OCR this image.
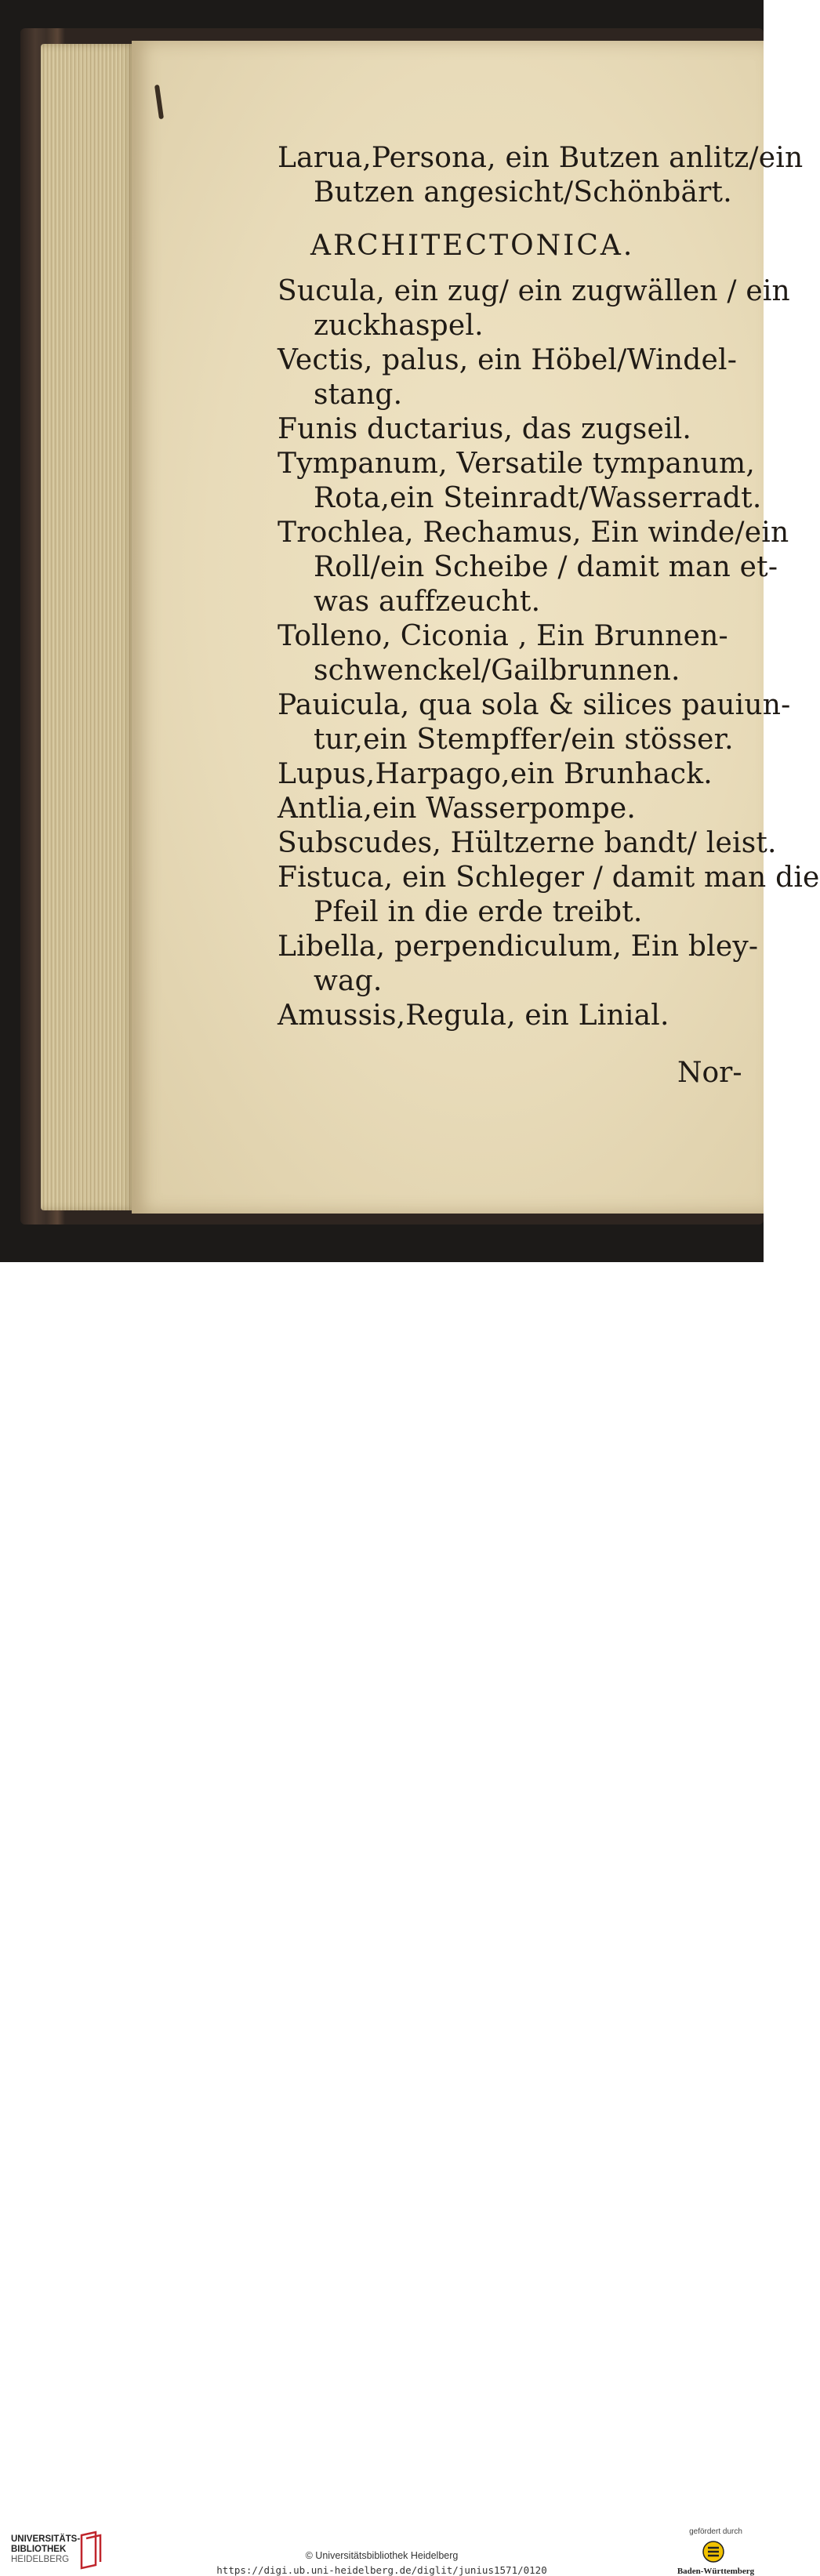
Larua,Persona, ein Butzen anlitz/ein
Butzen angesicht/Schönbärt.
ARCHITECTONICA.
Sucula, ein zug/ ein zugwällen / ein
zuckhaspel.
Vectis, palus, ein Höbel/Windel-
stang.
Funis ductarius, das zugseil.
Tympanum, Versatile tympanum,
Rota,ein Steinradt/Wasserradt.
Trochlea, Rechamus, Ein winde/ein
Roll/ein Scheibe / damit man et-
was auffzeucht.
Tolleno, Ciconia , Ein Brunnen-
schwenckel/Gailbrunnen.
Pauicula, qua sola & silices pauiun-
tur,ein Stempffer/ein stösser.
Lupus,Harpago,ein Brunhack.
Antlia,ein Wasserpompe.
Subscudes, Hültzerne bandt/ leist.
Fistuca, ein Schleger / damit man die
Pfeil in die erde treibt.
Libella, perpendiculum, Ein bley-
wag.
Amussis,Regula, ein Linial.
Nor-
UNIVERSITÄTS-
BIBLIOTHEK
HEIDELBERG	© Universitätsbibliothek Heidelberg
https://digi.ub.uni-heidelberg.de/diglit/junius1571/0120
gefördert durch
Baden-Württemberg
